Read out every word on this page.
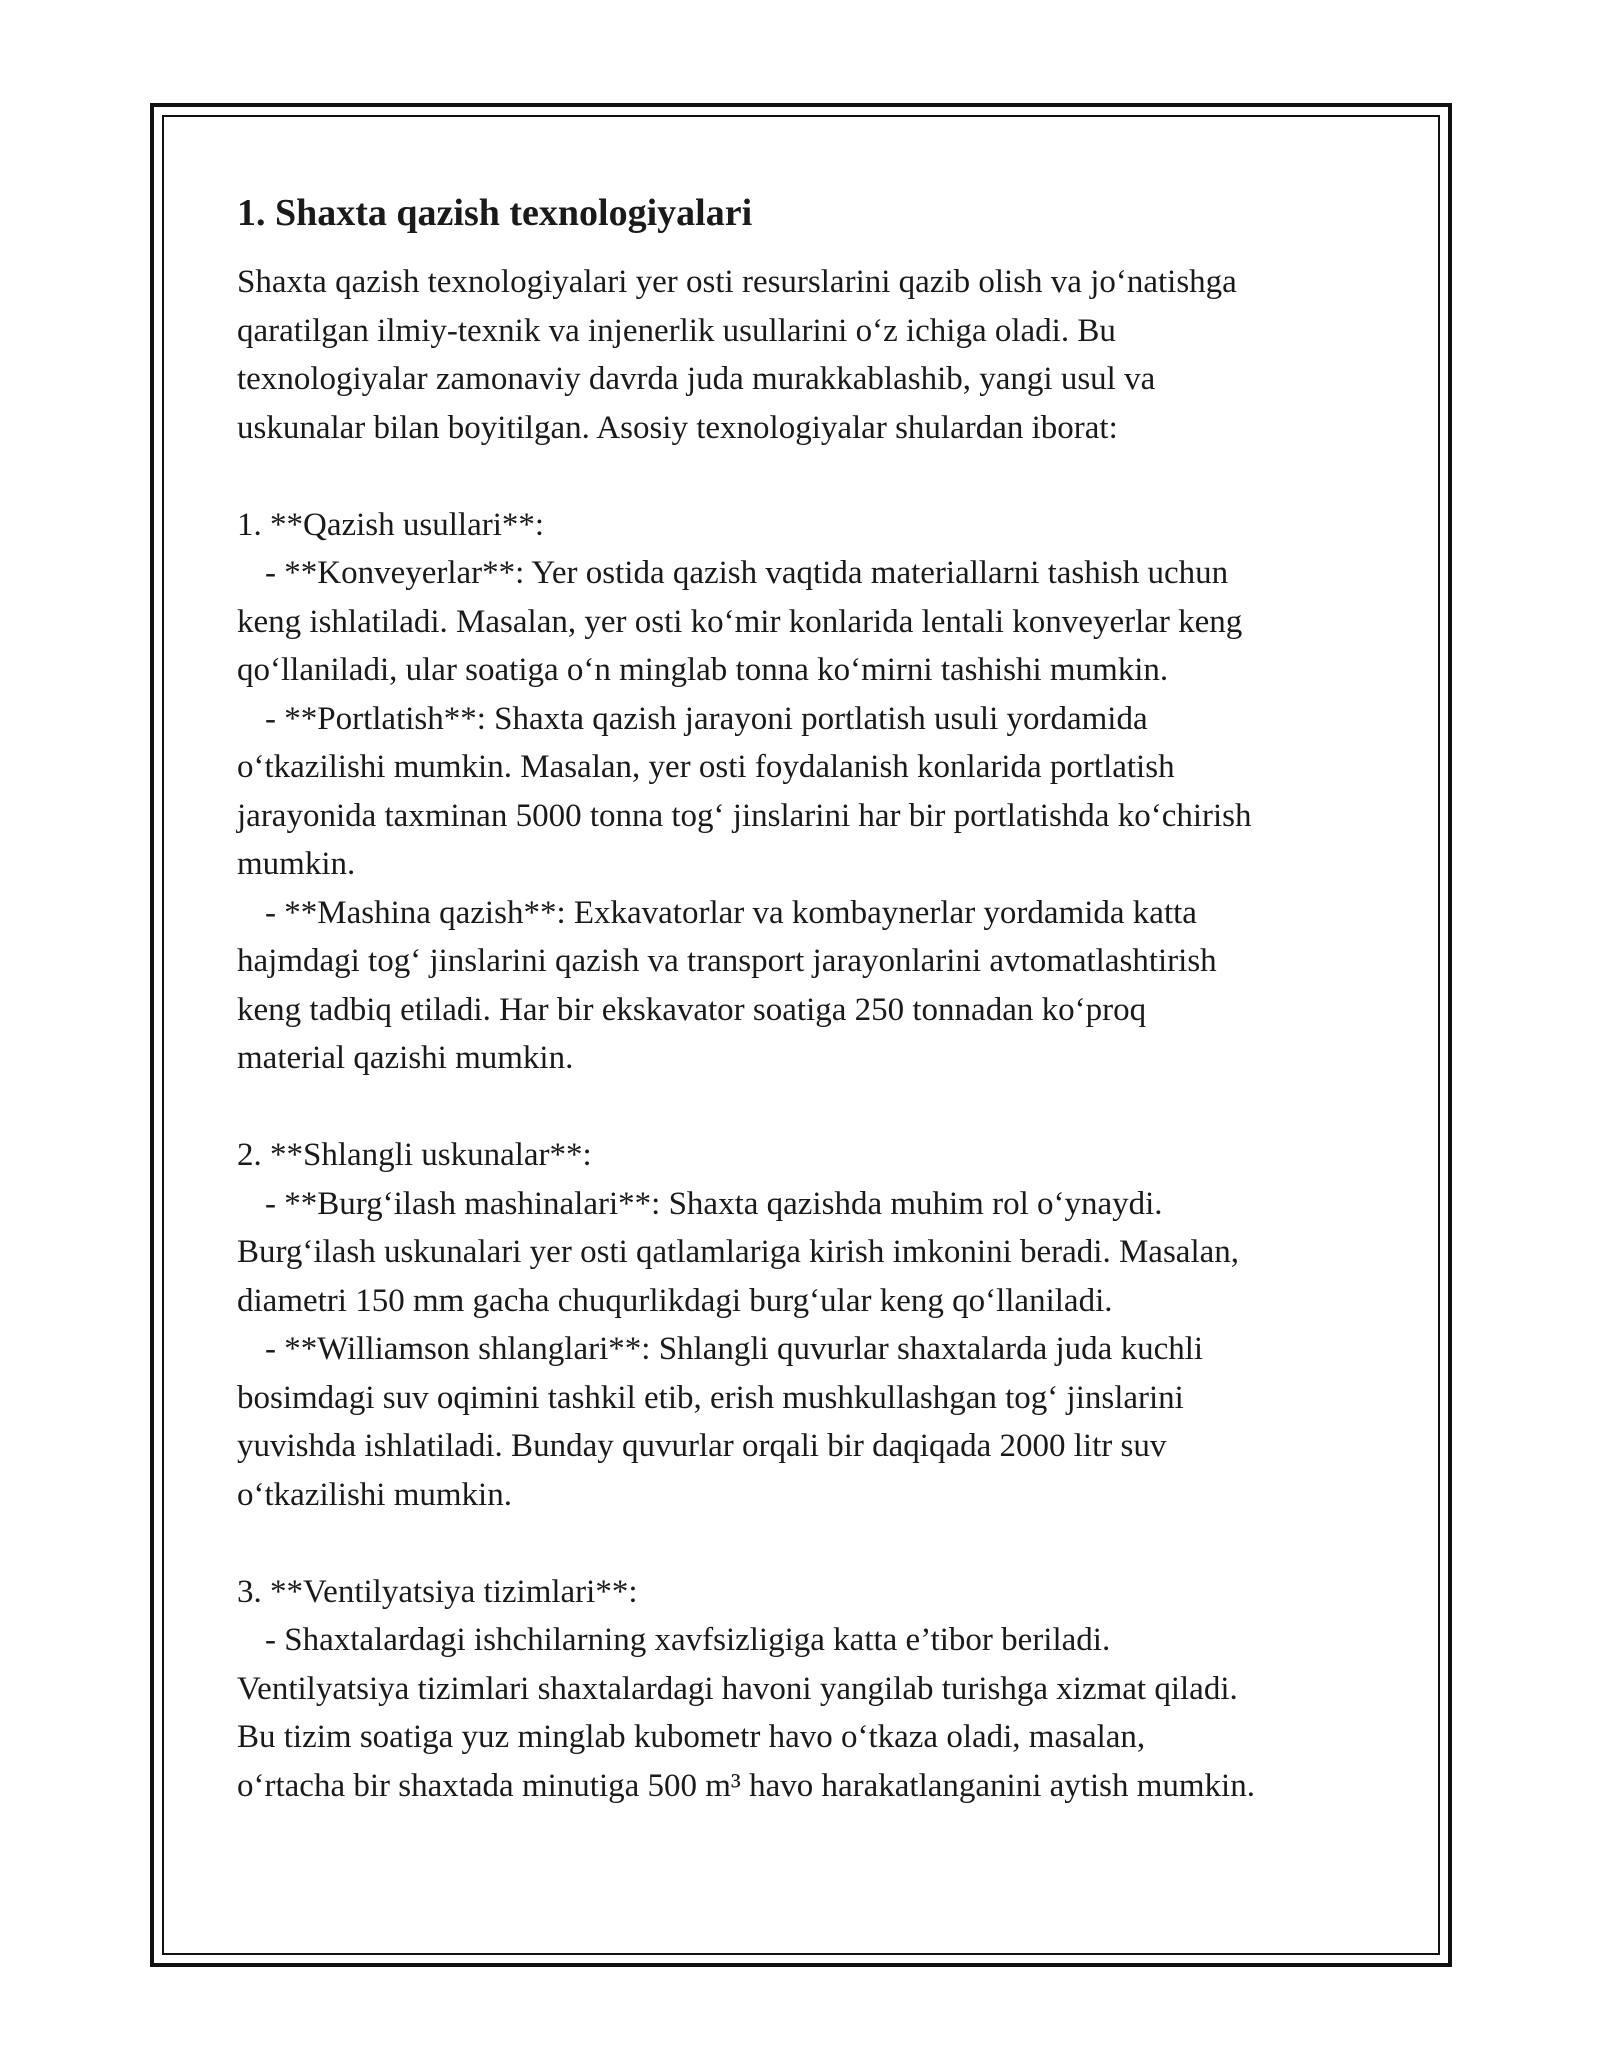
1. Shaxta qazish texnologiyalari
Shaxta qazish texnologiyalari yer osti resurslarini qazib olish va jo‘natishga
qaratilgan ilmiy-texnik va injenerlik usullarini o‘z ichiga oladi. Bu
texnologiyalar zamonaviy davrda juda murakkablashib, yangi usul va
uskunalar bilan boyitilgan. Asosiy texnologiyalar shulardan iborat:
1. **Qazish usullari**:
- **Konveyerlar**: Yer ostida qazish vaqtida materiallarni tashish uchun
keng ishlatiladi. Masalan, yer osti ko‘mir konlarida lentali konveyerlar keng
qo‘llaniladi, ular soatiga o‘n minglab tonna ko‘mirni tashishi mumkin.
- **Portlatish**: Shaxta qazish jarayoni portlatish usuli yordamida
o‘tkazilishi mumkin. Masalan, yer osti foydalanish konlarida portlatish
jarayonida taxminan 5000 tonna tog‘ jinslarini har bir portlatishda ko‘chirish
mumkin.
- **Mashina qazish**: Exkavatorlar va kombaynerlar yordamida katta
hajmdagi tog‘ jinslarini qazish va transport jarayonlarini avtomatlashtirish
keng tadbiq etiladi. Har bir ekskavator soatiga 250 tonnadan ko‘proq
material qazishi mumkin.
2. **Shlangli uskunalar**:
- **Burg‘ilash mashinalari**: Shaxta qazishda muhim rol o‘ynaydi.
Burg‘ilash uskunalari yer osti qatlamlariga kirish imkonini beradi. Masalan,
diametri 150 mm gacha chuqurlikdagi burg‘ular keng qo‘llaniladi.
- **Williamson shlanglari**: Shlangli quvurlar shaxtalarda juda kuchli
bosimdagi suv oqimini tashkil etib, erish mushkullashgan tog‘ jinslarini
yuvishda ishlatiladi. Bunday quvurlar orqali bir daqiqada 2000 litr suv
o‘tkazilishi mumkin.
3. **Ventilyatsiya tizimlari**:
- Shaxtalardagi ishchilarning xavfsizligiga katta e’tibor beriladi.
Ventilyatsiya tizimlari shaxtalardagi havoni yangilab turishga xizmat qiladi.
Bu tizim soatiga yuz minglab kubometr havo o‘tkaza oladi, masalan,
o‘rtacha bir shaxtada minutiga 500 m³ havo harakatlanganini aytish mumkin.
